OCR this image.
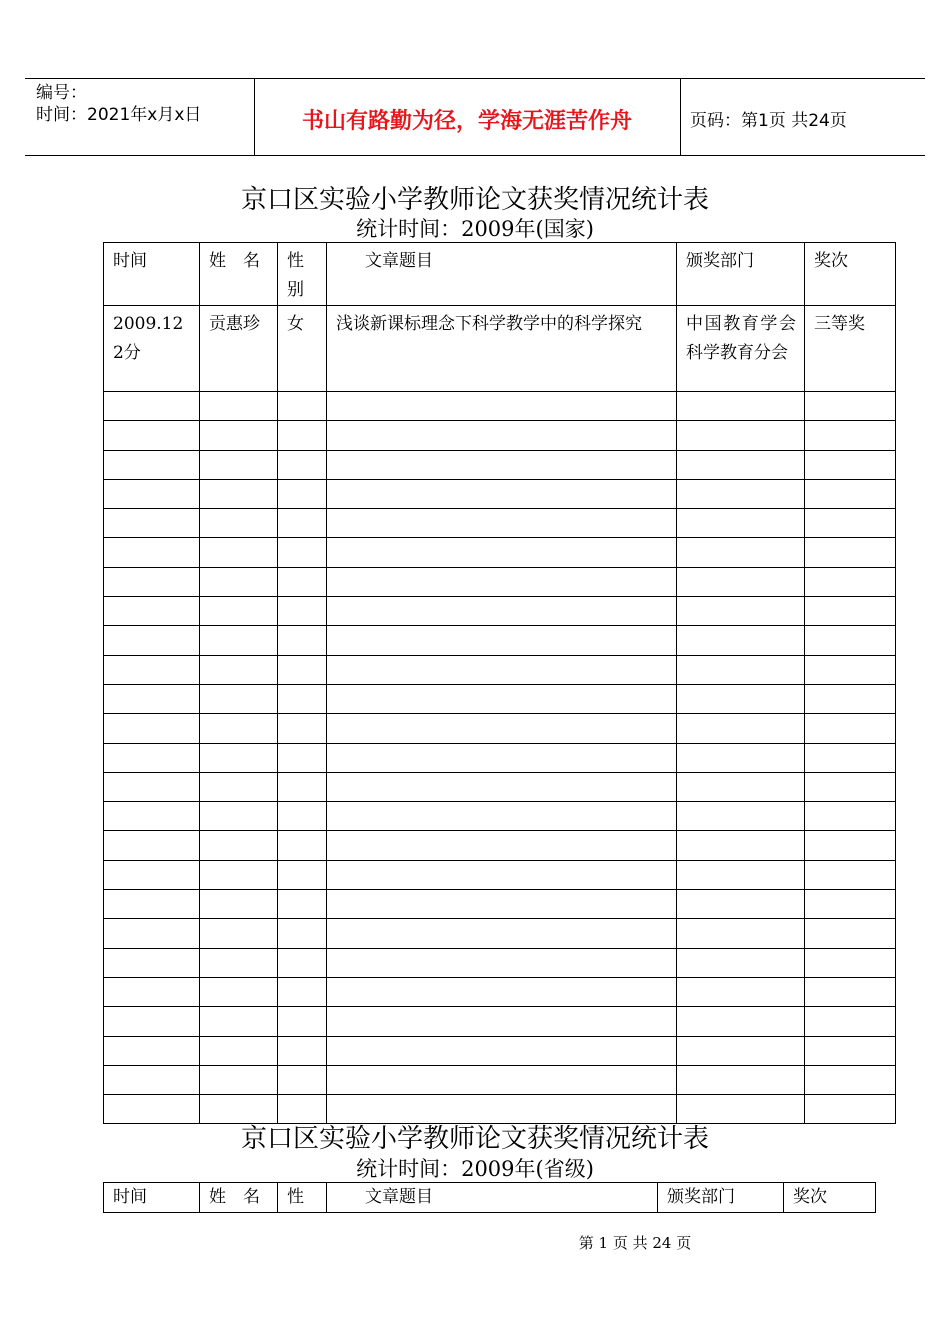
编号：
时间：2021年x月x日	书山有路勤为径，学海无涯苦作舟	页码：第1页 共24页
京口区实验小学教师论文获奖情况统计表
统计时间：2009年(国家)
时间	姓　名	性别	文章题目	颁奖部门	奖次

2009.122分	贡惠珍	女	浅谈新课标理念下科学教学中的科学探究	中国教育学会科学教育分会	三等奖

京口区实验小学教师论文获奖情况统计表
统计时间：2009年(省级)
时间	姓　名	性	文章题目	颁奖部门	奖次
第 1 页 共 24 页
